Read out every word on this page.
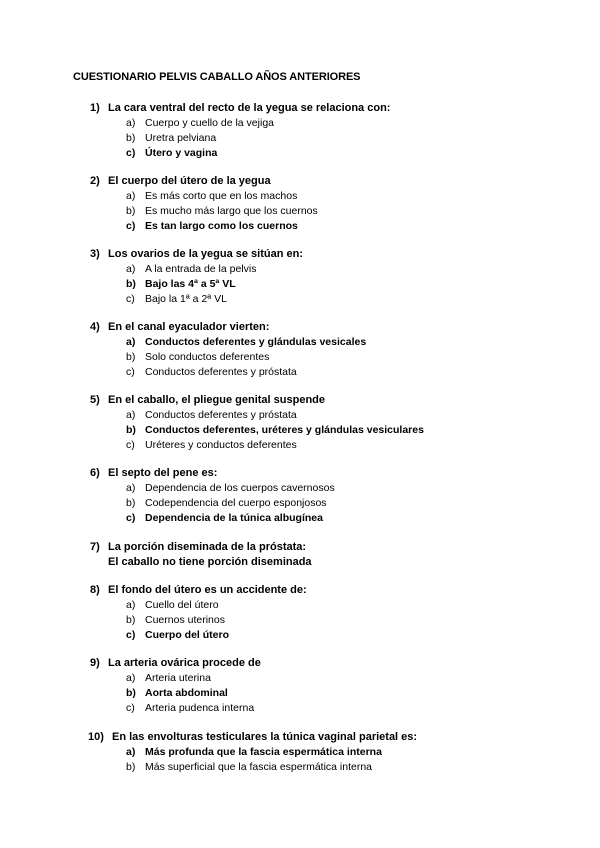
CUESTIONARIO PELVIS CABALLO AÑOS ANTERIORES
1) La cara ventral del recto de la yegua se relaciona con:
a) Cuerpo y cuello de la vejiga
b) Uretra pelviana
c) Útero y vagina
2) El cuerpo del útero de la yegua
a) Es más corto que en los machos
b) Es mucho más largo que los cuernos
c) Es tan largo como los cuernos
3) Los ovarios de la yegua se sitúan en:
a) A la entrada de la pelvis
b) Bajo las 4ª a 5ª VL
c) Bajo la 1ª a 2ª VL
4) En el canal eyaculador vierten:
a) Conductos deferentes y glándulas vesicales
b) Solo conductos deferentes
c) Conductos deferentes y próstata
5) En el caballo, el pliegue genital suspende
a) Conductos deferentes y próstata
b) Conductos deferentes, uréteres y glándulas vesiculares
c) Uréteres y conductos deferentes
6) El septo del pene es:
a) Dependencia de los cuerpos cavernosos
b) Codependencia del cuerpo esponjosos
c) Dependencia de la túnica albugínea
7) La porción diseminada de la próstata:
El caballo no tiene porción diseminada
8) El fondo del útero es un accidente de:
a) Cuello del útero
b) Cuernos uterinos
c) Cuerpo del útero
9) La arteria ovárica procede de
a) Arteria uterina
b) Aorta abdominal
c) Arteria pudenca interna
10) En las envolturas testiculares la túnica vaginal parietal es:
a) Más profunda que la fascia espermática interna
b) Más superficial que la fascia espermática interna
